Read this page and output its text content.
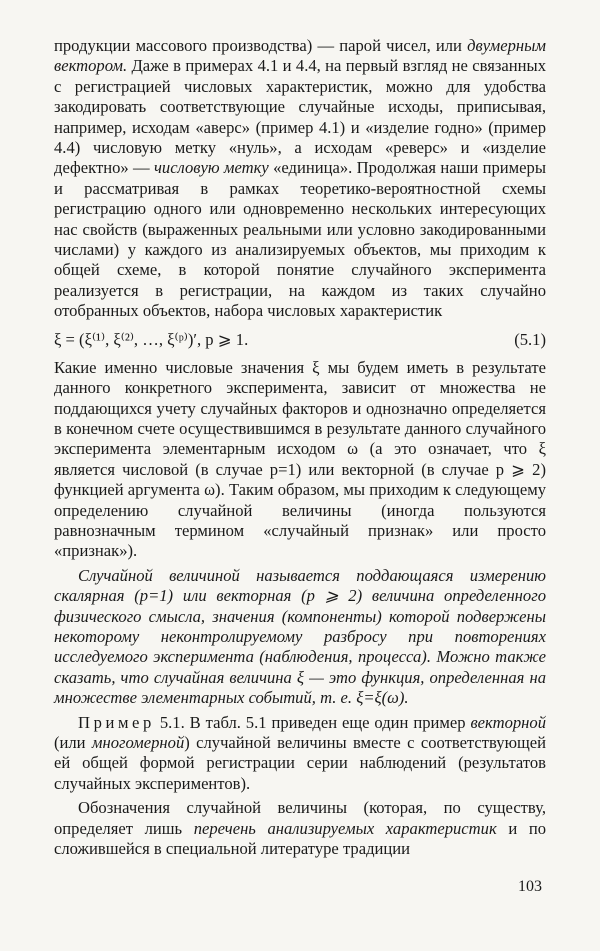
продукции массового производства) — парой чисел, или двумерным вектором. Даже в примерах 4.1 и 4.4, на первый взгляд не связанных с регистрацией числовых характеристик, можно для удобства закодировать соответствующие случайные исходы, приписывая, например, исходам «аверс» (пример 4.1) и «изделие годно» (пример 4.4) числовую метку «нуль», а исходам «реверс» и «изделие дефектно» — числовую метку «единица». Продолжая наши примеры и рассматривая в рамках теоретико-вероятностной схемы регистрацию одного или одновременно нескольких интересующих нас свойств (выраженных реальными или условно закодированными числами) у каждого из анализируемых объектов, мы приходим к общей схеме, в которой понятие случайного эксперимента реализуется в регистрации, на каждом из таких случайно отобранных объектов, набора числовых характеристик

ξ = (ξ⁽¹⁾, ξ⁽²⁾, …, ξ⁽ᵖ⁾)′, p ⩾ 1.	(5.1)

Какие именно числовые значения ξ мы будем иметь в результате данного конкретного эксперимента, зависит от множества не поддающихся учету случайных факторов и однозначно определяется в конечном счете осуществившимся в результате данного случайного эксперимента элементарным исходом ω (а это означает, что ξ является числовой (в случае p=1) или векторной (в случае p ⩾ 2) функцией аргумента ω). Таким образом, мы приходим к следующему определению случайной величины (иногда пользуются равнозначным термином «случайный признак» или просто «признак»).

Случайной величиной называется поддающаяся измерению скалярная (p=1) или векторная (p ⩾ 2) величина определенного физического смысла, значения (компоненты) которой подвержены некоторому неконтролируемому разбросу при повторениях исследуемого эксперимента (наблюдения, процесса). Можно также сказать, что случайная величина ξ — это функция, определенная на множестве элементарных событий, т. е. ξ=ξ(ω).

Пример 5.1. В табл. 5.1 приведен еще один пример векторной (или многомерной) случайной величины вместе с соответствующей ей общей формой регистрации серии наблюдений (результатов случайных экспериментов).

Обозначения случайной величины (которая, по существу, определяет лишь перечень анализируемых характеристик и по сложившейся в специальной литературе традиции

103
